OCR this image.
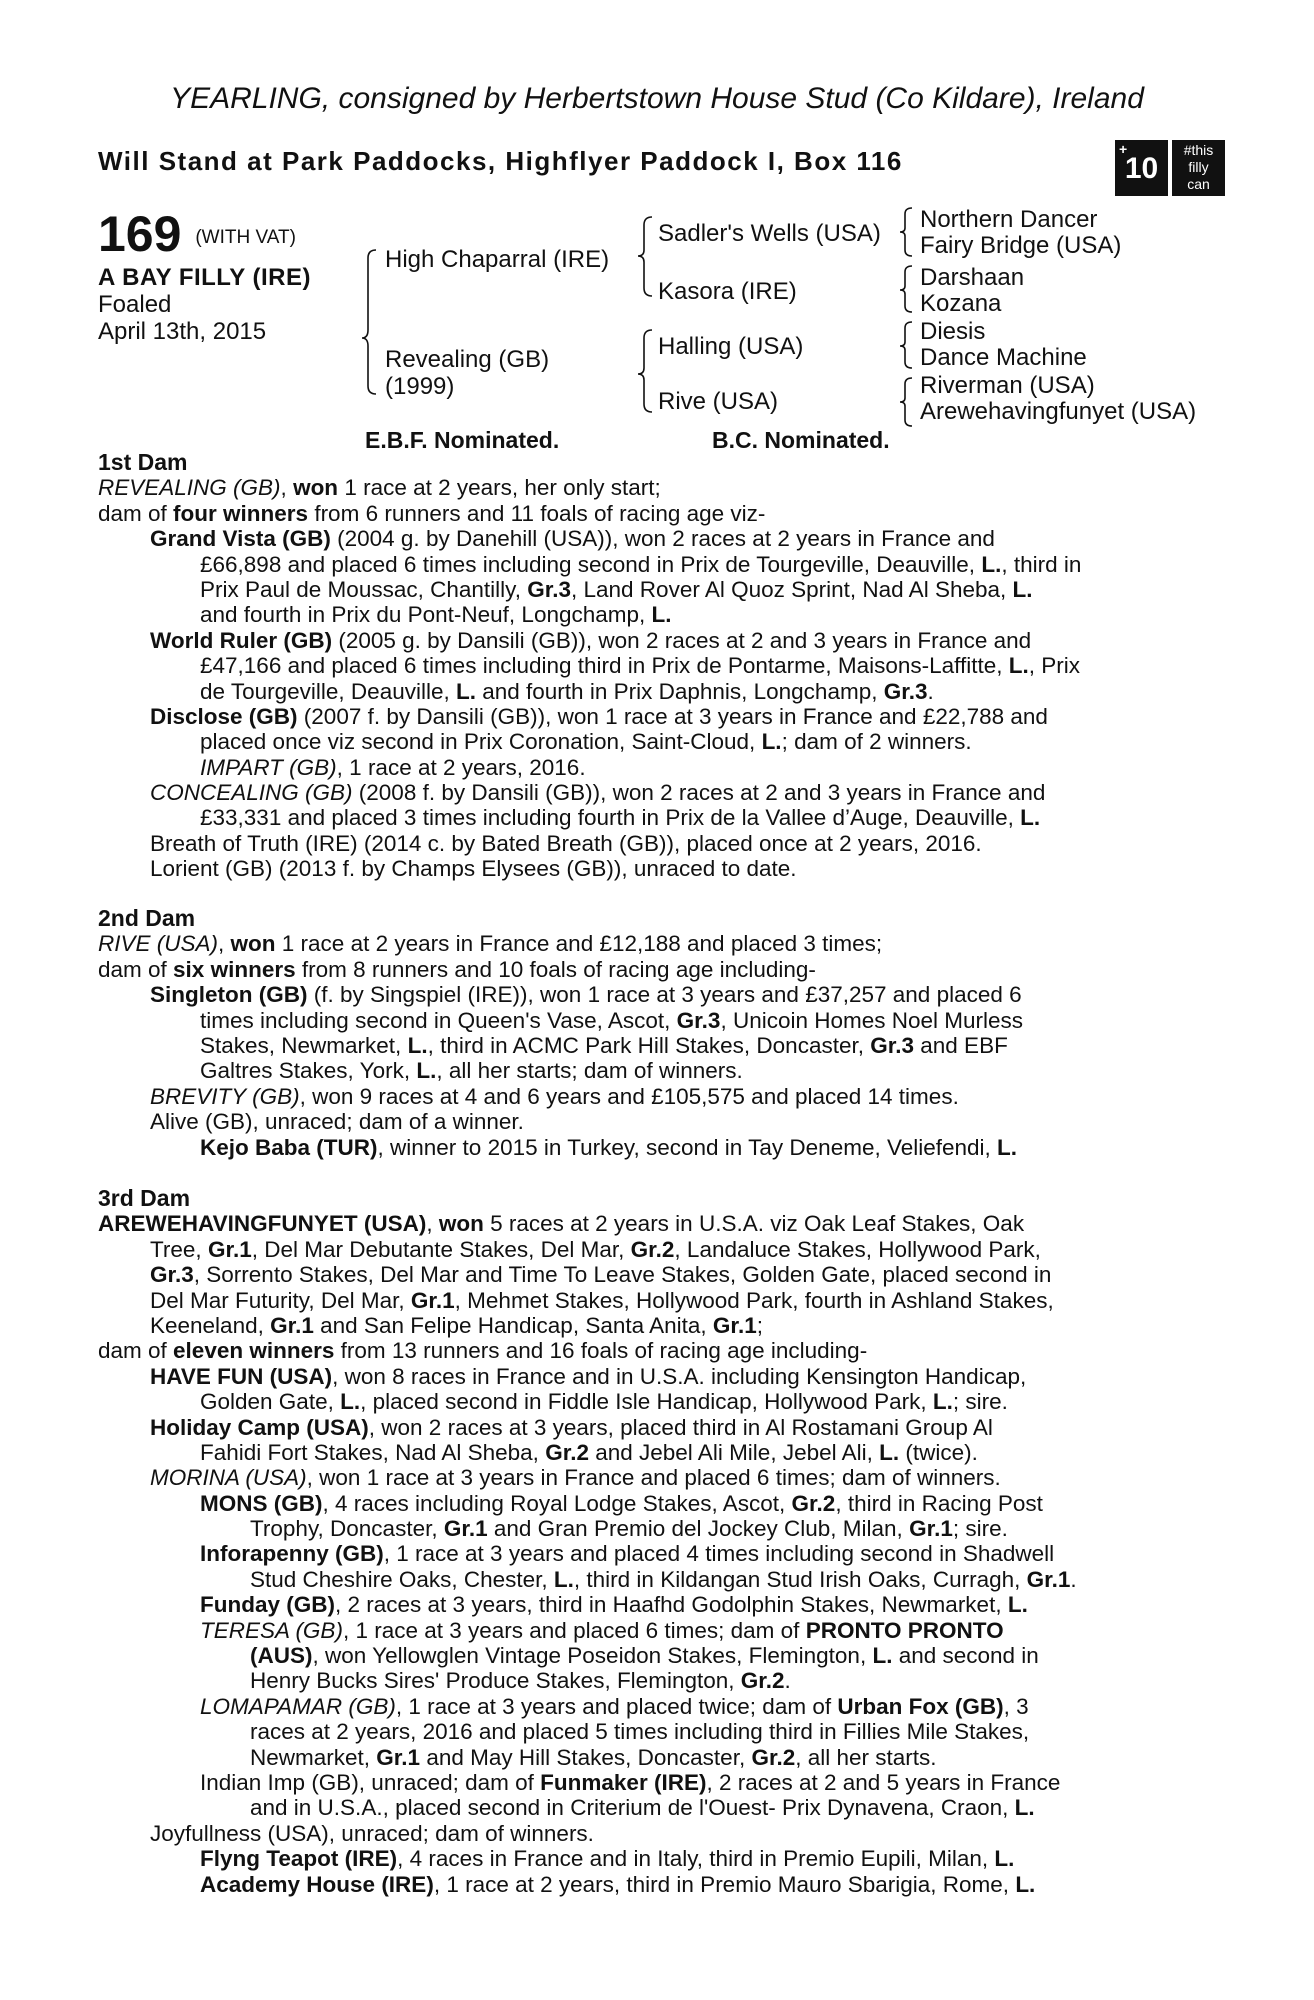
YEARLING, consigned by Herbertstown House Stud (Co Kildare), Ireland
Will Stand at Park Paddocks, Highflyer Paddock I, Box 116	+
10
#this
filly
can
169 (WITH VAT)
A BAY FILLY (IRE)
Foaled
April 13th, 2015
High Chaparral (IRE)
Revealing (GB)
(1999)
Sadler's Wells (USA)
Kasora (IRE)
Halling (USA)
Rive (USA)
Northern Dancer
Fairy Bridge (USA)
Darshaan
Kozana
Diesis
Dance Machine
Riverman (USA)
Arewehavingfunyet (USA)
E.B.F. Nominated.	B.C. Nominated.
1st Dam
REVEALING (GB), won 1 race at 2 years, her only start;
dam of four winners from 6 runners and 11 foals of racing age viz-
Grand Vista (GB) (2004 g. by Danehill (USA)), won 2 races at 2 years in France and
£66,898 and placed 6 times including second in Prix de Tourgeville, Deauville, L., third in
Prix Paul de Moussac, Chantilly, Gr.3, Land Rover Al Quoz Sprint, Nad Al Sheba, L.
and fourth in Prix du Pont-Neuf, Longchamp, L.
World Ruler (GB) (2005 g. by Dansili (GB)), won 2 races at 2 and 3 years in France and
£47,166 and placed 6 times including third in Prix de Pontarme, Maisons-Laffitte, L., Prix
de Tourgeville, Deauville, L. and fourth in Prix Daphnis, Longchamp, Gr.3.
Disclose (GB) (2007 f. by Dansili (GB)), won 1 race at 3 years in France and £22,788 and
placed once viz second in Prix Coronation, Saint-Cloud, L.; dam of 2 winners.
IMPART (GB), 1 race at 2 years, 2016.
CONCEALING (GB) (2008 f. by Dansili (GB)), won 2 races at 2 and 3 years in France and
£33,331 and placed 3 times including fourth in Prix de la Vallee d’Auge, Deauville, L.
Breath of Truth (IRE) (2014 c. by Bated Breath (GB)), placed once at 2 years, 2016.
Lorient (GB) (2013 f. by Champs Elysees (GB)), unraced to date.
2nd Dam
RIVE (USA), won 1 race at 2 years in France and £12,188 and placed 3 times;
dam of six winners from 8 runners and 10 foals of racing age including-
Singleton (GB) (f. by Singspiel (IRE)), won 1 race at 3 years and £37,257 and placed 6
times including second in Queen's Vase, Ascot, Gr.3, Unicoin Homes Noel Murless
Stakes, Newmarket, L., third in ACMC Park Hill Stakes, Doncaster, Gr.3 and EBF
Galtres Stakes, York, L., all her starts; dam of winners.
BREVITY (GB), won 9 races at 4 and 6 years and £105,575 and placed 14 times.
Alive (GB), unraced; dam of a winner.
Kejo Baba (TUR), winner to 2015 in Turkey, second in Tay Deneme, Veliefendi, L.
3rd Dam
AREWEHAVINGFUNYET (USA), won 5 races at 2 years in U.S.A. viz Oak Leaf Stakes, Oak
Tree, Gr.1, Del Mar Debutante Stakes, Del Mar, Gr.2, Landaluce Stakes, Hollywood Park,
Gr.3, Sorrento Stakes, Del Mar and Time To Leave Stakes, Golden Gate, placed second in
Del Mar Futurity, Del Mar, Gr.1, Mehmet Stakes, Hollywood Park, fourth in Ashland Stakes,
Keeneland, Gr.1 and San Felipe Handicap, Santa Anita, Gr.1;
dam of eleven winners from 13 runners and 16 foals of racing age including-
HAVE FUN (USA), won 8 races in France and in U.S.A. including Kensington Handicap,
Golden Gate, L., placed second in Fiddle Isle Handicap, Hollywood Park, L.; sire.
Holiday Camp (USA), won 2 races at 3 years, placed third in Al Rostamani Group Al
Fahidi Fort Stakes, Nad Al Sheba, Gr.2 and Jebel Ali Mile, Jebel Ali, L. (twice).
MORINA (USA), won 1 race at 3 years in France and placed 6 times; dam of winners.
MONS (GB), 4 races including Royal Lodge Stakes, Ascot, Gr.2, third in Racing Post
Trophy, Doncaster, Gr.1 and Gran Premio del Jockey Club, Milan, Gr.1; sire.
Inforapenny (GB), 1 race at 3 years and placed 4 times including second in Shadwell
Stud Cheshire Oaks, Chester, L., third in Kildangan Stud Irish Oaks, Curragh, Gr.1.
Funday (GB), 2 races at 3 years, third in Haafhd Godolphin Stakes, Newmarket, L.
TERESA (GB), 1 race at 3 years and placed 6 times; dam of PRONTO PRONTO
(AUS), won Yellowglen Vintage Poseidon Stakes, Flemington, L. and second in
Henry Bucks Sires' Produce Stakes, Flemington, Gr.2.
LOMAPAMAR (GB), 1 race at 3 years and placed twice; dam of Urban Fox (GB), 3
races at 2 years, 2016 and placed 5 times including third in Fillies Mile Stakes,
Newmarket, Gr.1 and May Hill Stakes, Doncaster, Gr.2, all her starts.
Indian Imp (GB), unraced; dam of Funmaker (IRE), 2 races at 2 and 5 years in France
and in U.S.A., placed second in Criterium de l'Ouest- Prix Dynavena, Craon, L.
Joyfullness (USA), unraced; dam of winners.
Flyng Teapot (IRE), 4 races in France and in Italy, third in Premio Eupili, Milan, L.
Academy House (IRE), 1 race at 2 years, third in Premio Mauro Sbarigia, Rome, L.
